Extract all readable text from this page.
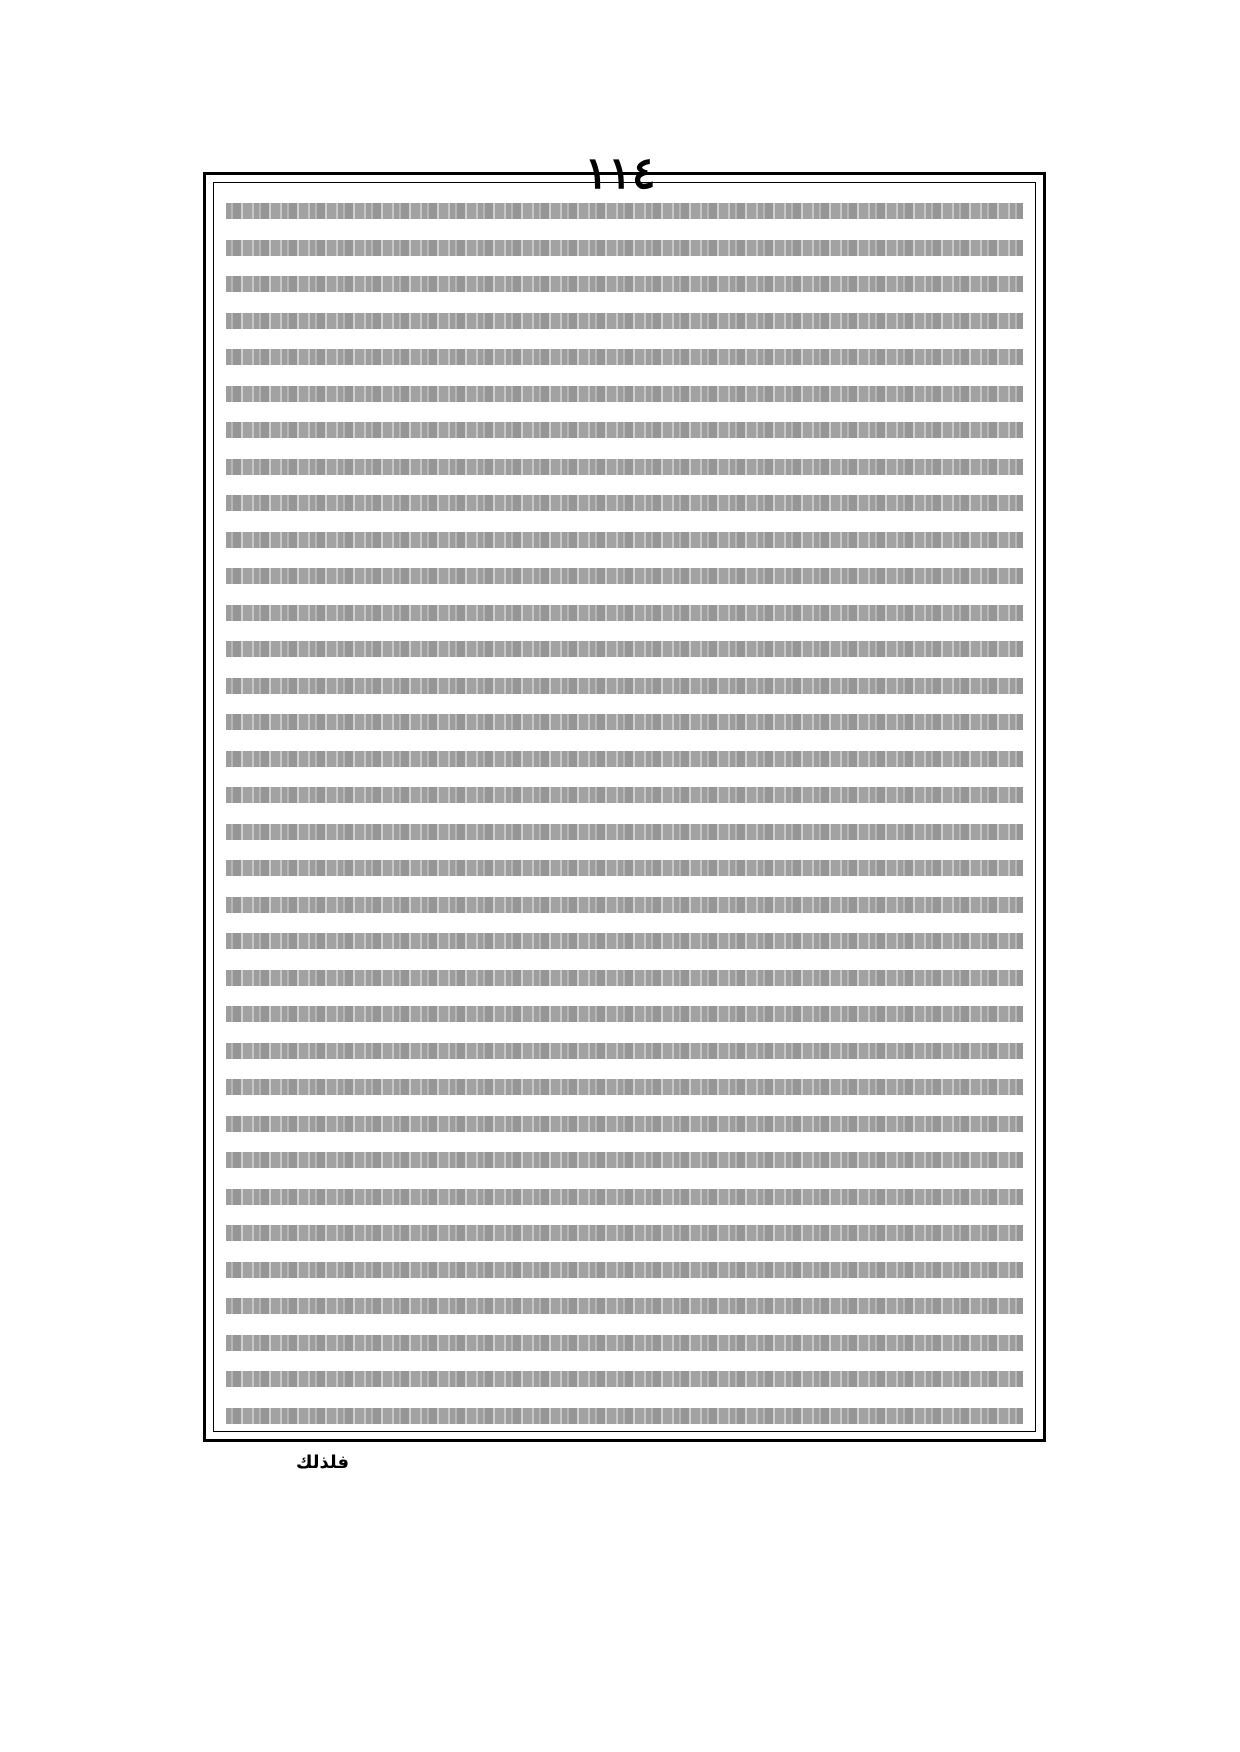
١١٤
فلذلك
